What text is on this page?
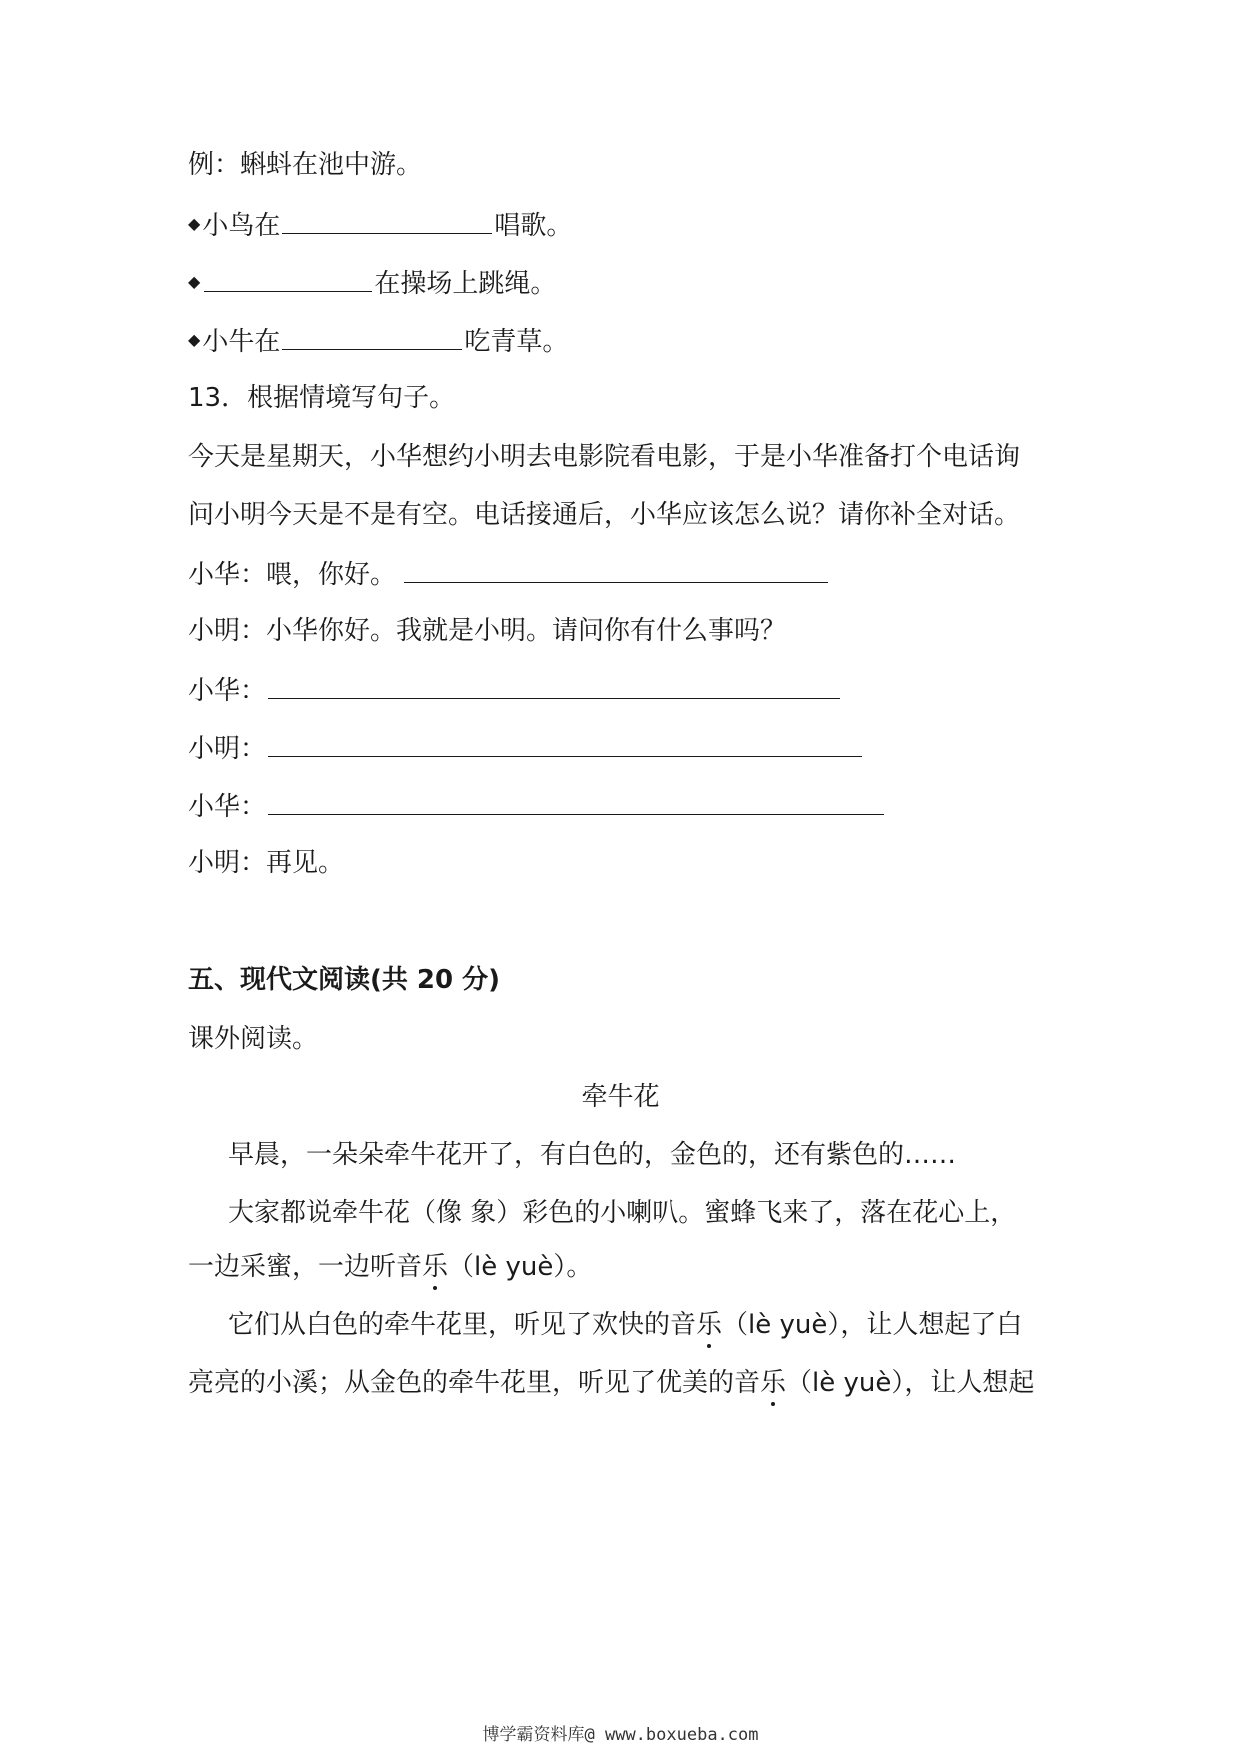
例：蝌蚪在池中游。
◆小鸟在	唱歌。
◆	在操场上跳绳。
◆小牛在	吃青草。
13．根据情境写句子。
今天是星期天，小华想约小明去电影院看电影，于是小华准备打个电话询
问小明今天是不是有空。电话接通后，小华应该怎么说？请你补全对话。
小华：喂，你好。
小明：小华你好。我就是小明。请问你有什么事吗？
小华：
小明：
小华：
小明：再见。
五、现代文阅读(共 20 分)
课外阅读。
牵牛花
早晨，一朵朵牵牛花开了，有白色的，金色的，还有紫色的……
大家都说牵牛花（像 象）彩色的小喇叭。蜜蜂飞来了，落在花心上，
一边采蜜，一边听音乐（lè yuè）。
它们从白色的牵牛花里，听见了欢快的音乐（lè yuè），让人想起了白
亮亮的小溪；从金色的牵牛花里，听见了优美的音乐（lè yuè），让人想起
博学霸资料库@ www.boxueba.com
